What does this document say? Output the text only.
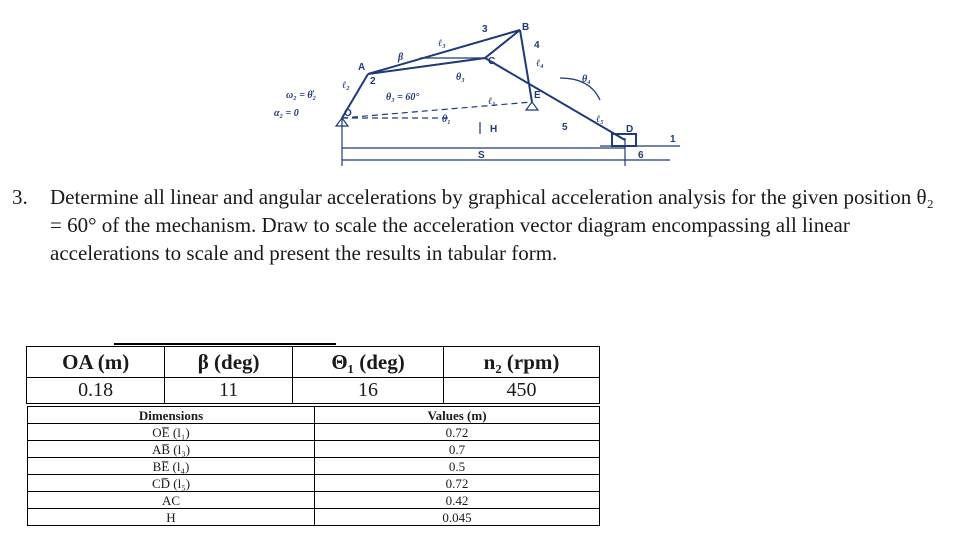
ω₂ = θ̇₂
α₂ = 0
θ₃ = 60°
O
A
B
C
D
E
β
ℓ₂
ℓ₃
ℓ₄
ℓ₅
ℓ₁
θ₃	θ₄
θ₁
H
S
1
2
3
4
5
6
3. Determine all linear and angular accelerations by graphical acceleration analysis for the given position θ₂ = 60° of the mechanism. Draw to scale the acceleration vector diagram encompassing all linear accelerations to scale and present the results in tabular form.
OA (m)	β (deg)	Θ₁ (deg)	n₂ (rpm)
0.18	11	16	450
Dimensions	Values (m)
OE̅ (l₁)	0.72
AB̅ (l₃)	0.7
BE̅ (l₄)	0.5
CD̅ (l₅)	0.72
AC	0.42
H	0.045
